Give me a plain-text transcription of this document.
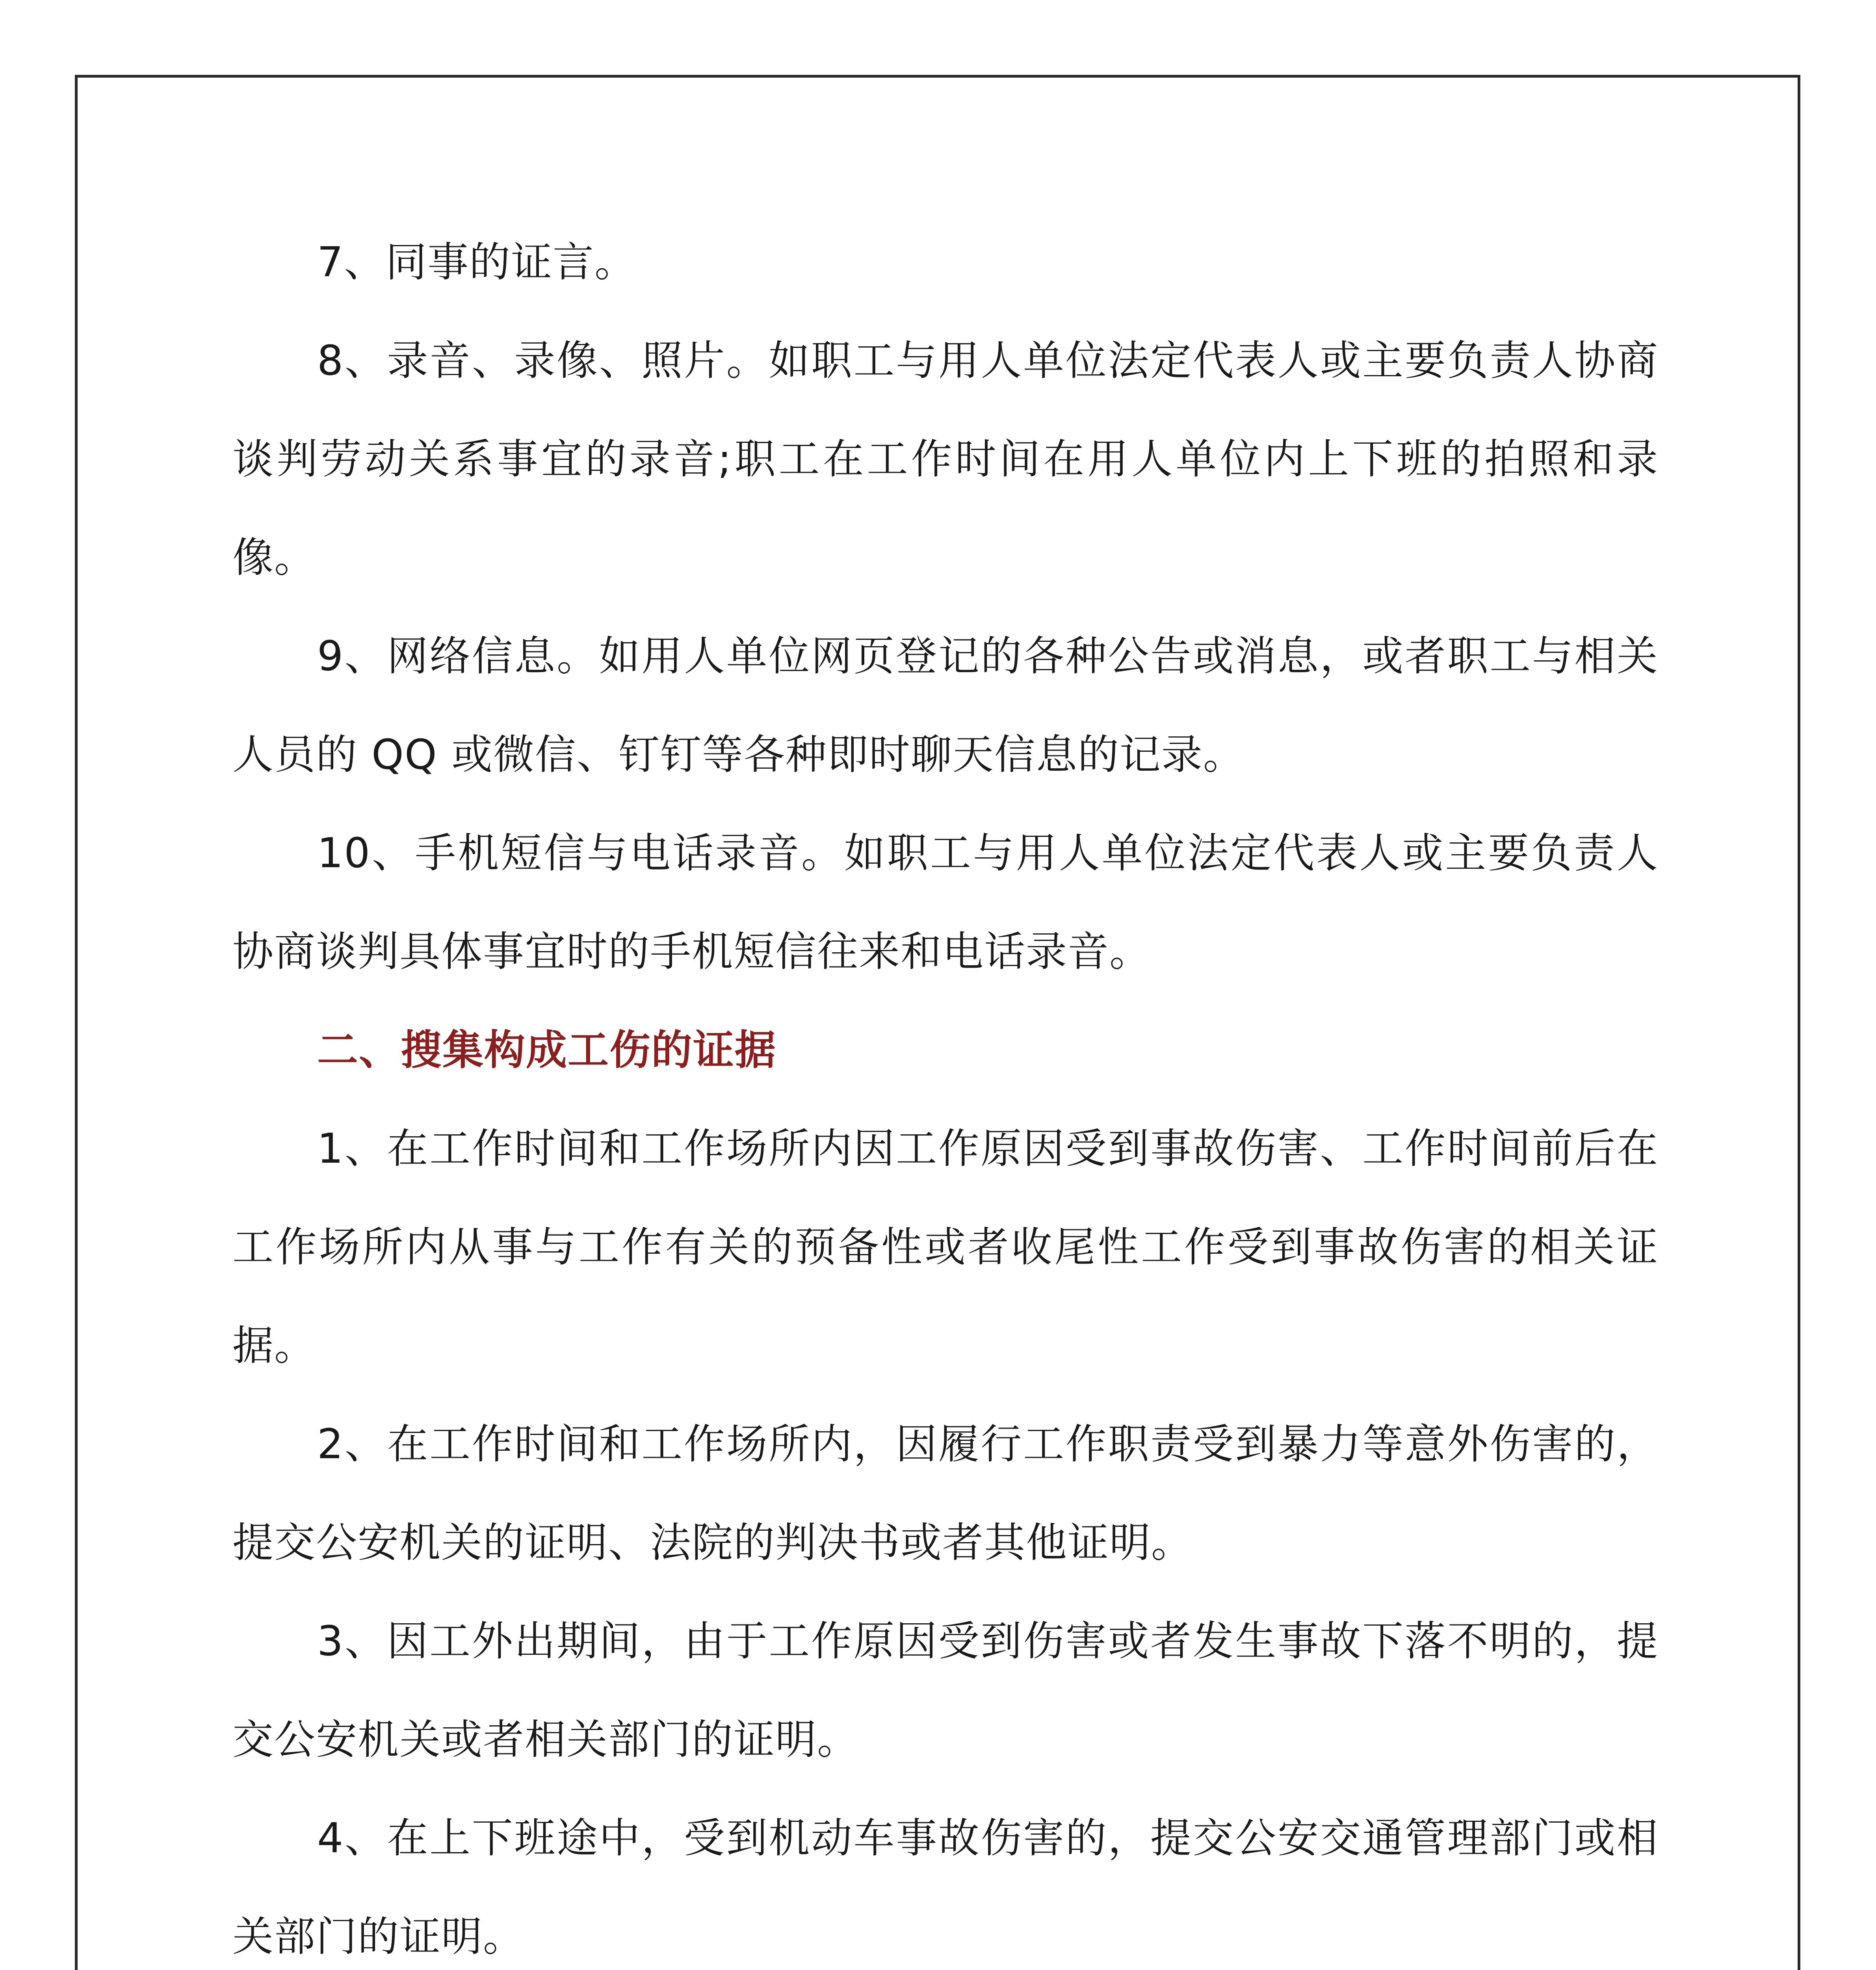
7、同事的证言。

8、录音、录像、照片。如职工与用人单位法定代表人或主要负责人协商谈判劳动关系事宜的录音;职工在工作时间在用人单位内上下班的拍照和录像。

9、网络信息。如用人单位网页登记的各种公告或消息，或者职工与相关人员的 QQ 或微信、钉钉等各种即时聊天信息的记录。

10、手机短信与电话录音。如职工与用人单位法定代表人或主要负责人协商谈判具体事宜时的手机短信往来和电话录音。

二、搜集构成工伤的证据

1、在工作时间和工作场所内因工作原因受到事故伤害、工作时间前后在工作场所内从事与工作有关的预备性或者收尾性工作受到事故伤害的相关证据。

2、在工作时间和工作场所内，因履行工作职责受到暴力等意外伤害的，提交公安机关的证明、法院的判决书或者其他证明。

3、因工外出期间，由于工作原因受到伤害或者发生事故下落不明的，提交公安机关或者相关部门的证明。

4、在上下班途中，受到机动车事故伤害的，提交公安交通管理部门或相关部门的证明。
